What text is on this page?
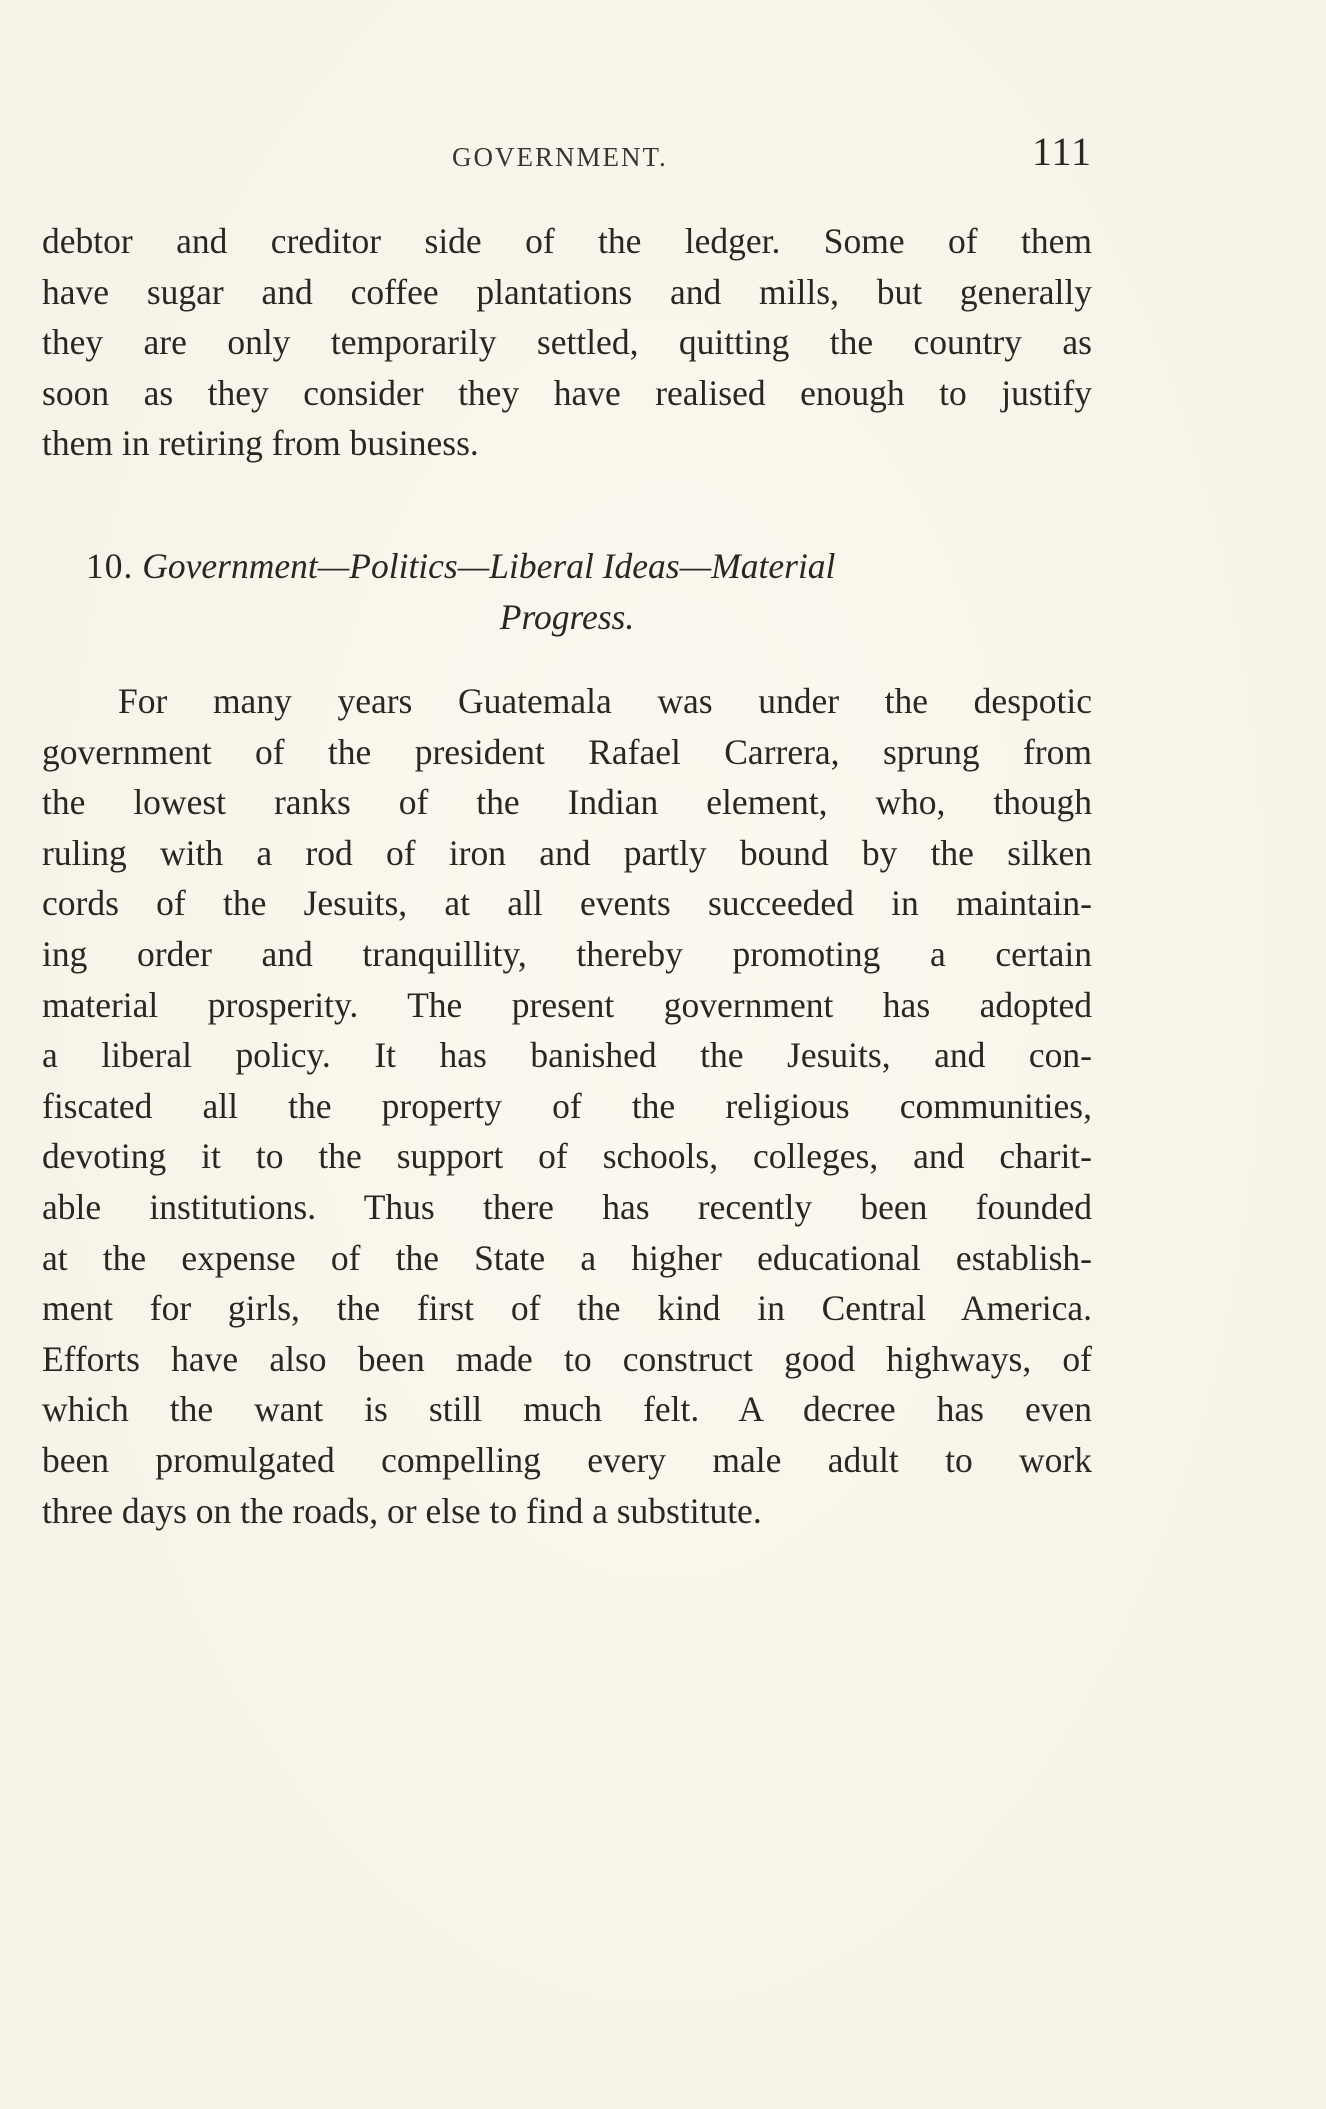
GOVERNMENT.	111
debtor and creditor side of the ledger. Some of them
have sugar and coffee plantations and mills, but generally
they are only temporarily settled, quitting the country as
soon as they consider they have realised enough to justify
them in retiring from business.
10. Government—Politics—Liberal Ideas—Material
Progress.
For many years Guatemala was under the despotic
government of the president Rafael Carrera, sprung from
the lowest ranks of the Indian element, who, though
ruling with a rod of iron and partly bound by the silken
cords of the Jesuits, at all events succeeded in maintain-
ing order and tranquillity, thereby promoting a certain
material prosperity. The present government has adopted
a liberal policy. It has banished the Jesuits, and con-
fiscated all the property of the religious communities,
devoting it to the support of schools, colleges, and charit-
able institutions. Thus there has recently been founded
at the expense of the State a higher educational establish-
ment for girls, the first of the kind in Central America.
Efforts have also been made to construct good highways, of
which the want is still much felt. A decree has even
been promulgated compelling every male adult to work
three days on the roads, or else to find a substitute.
